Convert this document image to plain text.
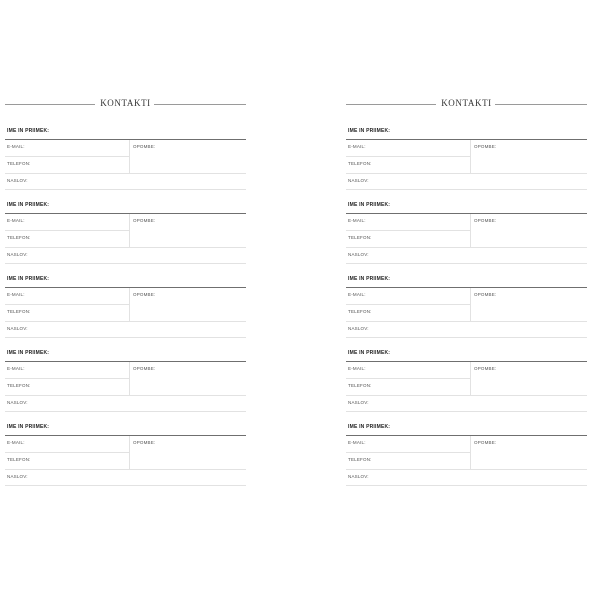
KONTAKTI
IME IN PRIIMEK:
E-MAIL:	OPOMBE:
TELEFON:
NASLOV:
IME IN PRIIMEK:
E-MAIL:	OPOMBE:
TELEFON:
NASLOV:
IME IN PRIIMEK:
E-MAIL:	OPOMBE:
TELEFON:
NASLOV:
IME IN PRIIMEK:
E-MAIL:	OPOMBE:
TELEFON:
NASLOV:
IME IN PRIIMEK:
E-MAIL:	OPOMBE:
TELEFON:
NASLOV:
KONTAKTI
IME IN PRIIMEK:
E-MAIL:	OPOMBE:
TELEFON:
NASLOV:
IME IN PRIIMEK:
E-MAIL:	OPOMBE:
TELEFON:
NASLOV:
IME IN PRIIMEK:
E-MAIL:	OPOMBE:
TELEFON:
NASLOV:
IME IN PRIIMEK:
E-MAIL:	OPOMBE:
TELEFON:
NASLOV:
IME IN PRIIMEK:
E-MAIL:	OPOMBE:
TELEFON:
NASLOV:
